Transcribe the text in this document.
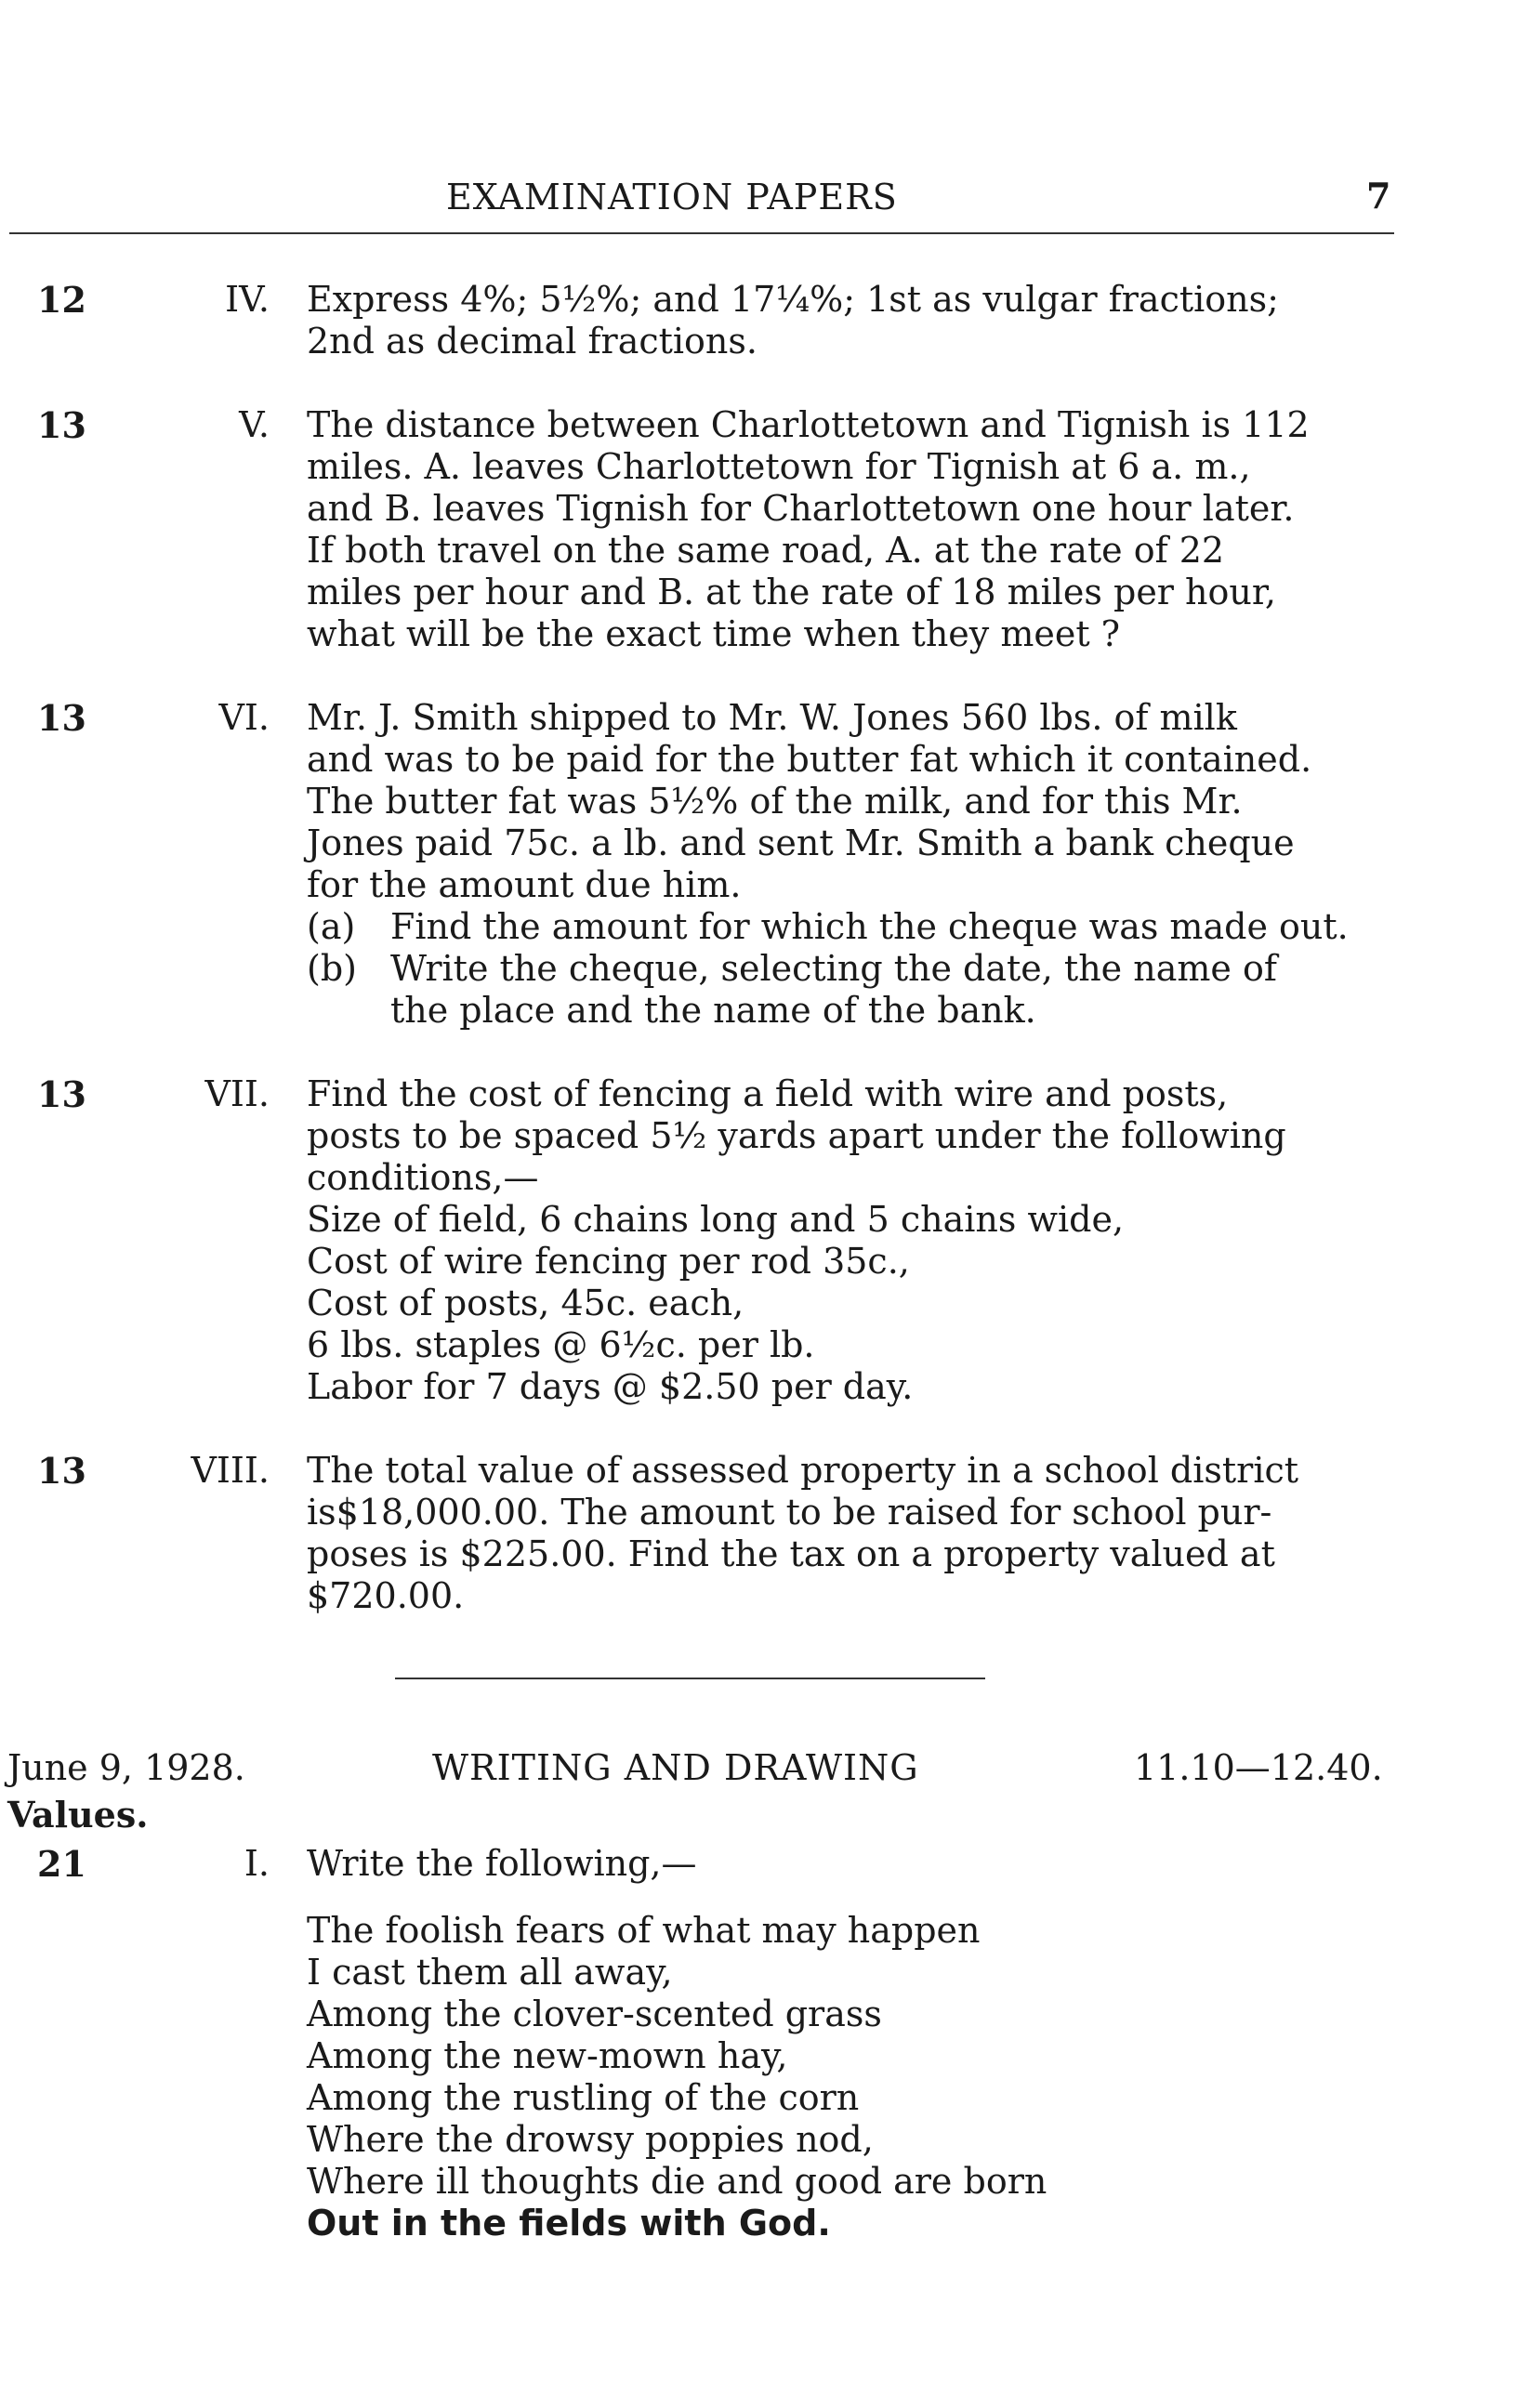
EXAMINATION PAPERS	7
12	IV. Express 4%; 5½%; and 17¼%; 1st as vulgar fractions;
2nd as decimal fractions.
13	V. The distance between Charlottetown and Tignish is 112
miles. A. leaves Charlottetown for Tignish at 6 a. m.,
and B. leaves Tignish for Charlottetown one hour later.
If both travel on the same road, A. at the rate of 22
miles per hour and B. at the rate of 18 miles per hour,
what will be the exact time when they meet ?
13	VI. Mr. J. Smith shipped to Mr. W. Jones 560 lbs. of milk
and was to be paid for the butter fat which it contained.
The butter fat was 5½% of the milk, and for this Mr.
Jones paid 75c. a lb. and sent Mr. Smith a bank cheque
for the amount due him.
(a) Find the amount for which the cheque was made out.
(b) Write the cheque, selecting the date, the name of
the place and the name of the bank.
13	VII. Find the cost of fencing a field with wire and posts,
posts to be spaced 5½ yards apart under the following
conditions,—
Size of field, 6 chains long and 5 chains wide,
Cost of wire fencing per rod 35c.,
Cost of posts, 45c. each,
6 lbs. staples @ 6½c. per lb.
Labor for 7 days @ $2.50 per day.
13	VIII. The total value of assessed property in a school district
is$18,000.00. The amount to be raised for school pur-
poses is $225.00. Find the tax on a property valued at
$720.00.
June 9, 1928.	WRITING AND DRAWING	11.10—12.40.
Values.
21	I. Write the following,—
The foolish fears of what may happen
I cast them all away,
Among the clover-scented grass
Among the new-mown hay,
Among the rustling of the corn
Where the drowsy poppies nod,
Where ill thoughts die and good are born
Out in the fields with God.
